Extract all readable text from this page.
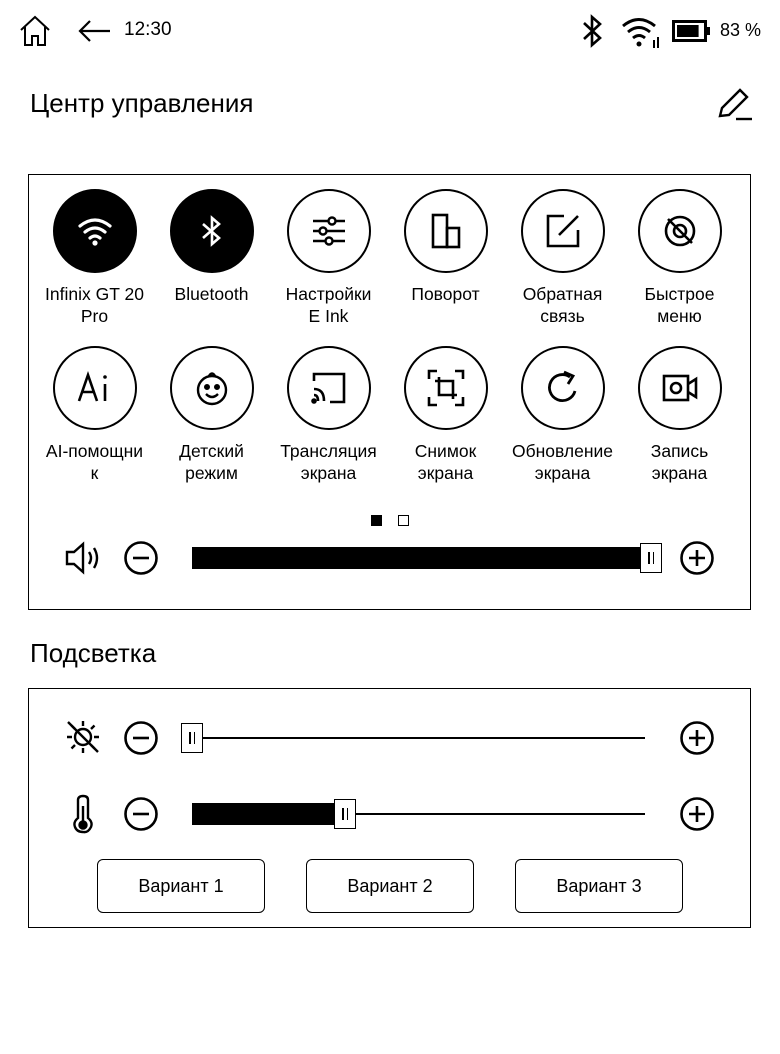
12:30	83 %
Центр управления
Infinix GT 20
Pro
Bluetooth	Настройки
E Ink
Поворот	Обратная
связь
Быстрое
меню
AI-помощни
к
Детский
режим
Трансляция
экрана
Снимок
экрана
Обновление
экрана
Запись
экрана
Подсветка
Вариант 1	Вариант 2	Вариант 3
